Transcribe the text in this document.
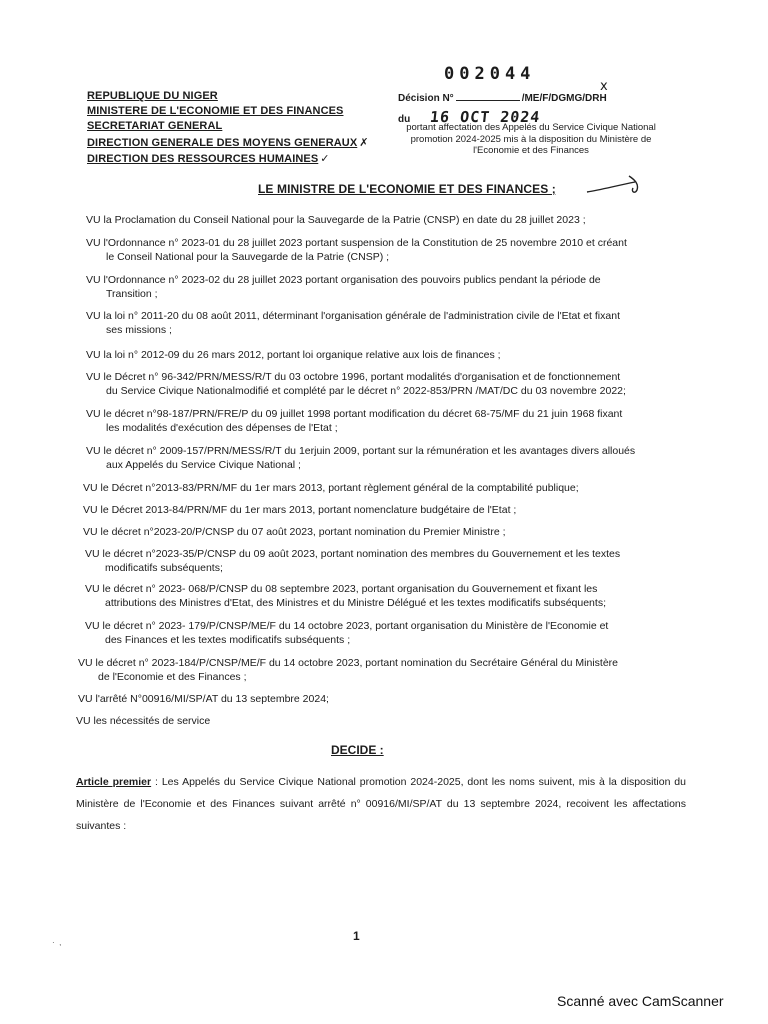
REPUBLIQUE DU NIGER
MINISTERE DE L'ECONOMIE ET DES FINANCES
SECRETARIAT GENERAL
DIRECTION GENERALE DES MOYENS GENERAUX ✗
DIRECTION DES RESSOURCES HUMAINES ✓
002044
x
Décision N°	/ME/F/DGMG/DRH
du 16 OCT 2024
portant affectation des Appelés du Service Civique National promotion 2024-2025 mis à la disposition du Ministère de l'Economie et des Finances
LE MINISTRE DE L'ECONOMIE ET DES FINANCES ;
VU la Proclamation du Conseil National pour la Sauvegarde de la Patrie (CNSP) en date du 28 juillet 2023 ;
VU l'Ordonnance n° 2023-01 du 28 juillet 2023 portant suspension de la Constitution de 25 novembre 2010 et créant
le Conseil National pour la Sauvegarde de la Patrie (CNSP) ;
VU l'Ordonnance n° 2023-02 du 28 juillet 2023 portant organisation des pouvoirs publics pendant la période de
Transition ;
VU la loi n° 2011-20 du 08 août 2011, déterminant l'organisation générale de l'administration civile de l'Etat et fixant
ses missions ;
VU la loi n° 2012-09 du 26 mars 2012, portant loi organique relative aux lois de finances ;
VU le Décret n° 96-342/PRN/MESS/R/T du 03 octobre 1996, portant modalités d'organisation et de fonctionnement
du Service Civique Nationalmodifié et complété par le décret n° 2022-853/PRN /MAT/DC du 03 novembre 2022;
VU le décret n°98-187/PRN/FRE/P du 09 juillet 1998 portant modification du décret 68-75/MF du 21 juin 1968 fixant
les modalités d'exécution des dépenses de l'Etat ;
VU le décret n° 2009-157/PRN/MESS/R/T du 1erjuin 2009, portant sur la rémunération et les avantages divers alloués
aux Appelés du Service Civique National ;
VU le Décret n°2013-83/PRN/MF du 1er mars 2013, portant règlement général de la comptabilité publique;
VU le Décret 2013-84/PRN/MF du 1er mars 2013, portant nomenclature budgétaire de l'Etat ;
VU le décret n°2023-20/P/CNSP du 07 août 2023, portant nomination du Premier Ministre ;
VU le décret n°2023-35/P/CNSP du 09 août 2023, portant nomination des membres du Gouvernement et les textes
modificatifs subséquents;
VU le décret n° 2023- 068/P/CNSP du 08 septembre 2023, portant organisation du Gouvernement et fixant les
attributions des Ministres d'Etat, des Ministres et du Ministre Délégué et les textes modificatifs subséquents;
VU le décret n° 2023- 179/P/CNSP/ME/F du 14 octobre 2023, portant organisation du Ministère de l'Economie et
des Finances et les textes modificatifs subséquents ;
VU le décret n° 2023-184/P/CNSP/ME/F du 14 octobre 2023, portant nomination du Secrétaire Général du Ministère
de l'Economie et des Finances ;
VU l'arrêté N°00916/MI/SP/AT du 13 septembre 2024;
VU les nécessités de service
DECIDE :
Article premier : Les Appelés du Service Civique National promotion 2024-2025, dont les noms suivent, mis à la disposition du Ministère de l'Economie et des Finances suivant arrêté n° 00916/MI/SP/AT du 13 septembre 2024, recoivent les affectations suivantes :
·  ,	1
Scanné avec CamScanner
